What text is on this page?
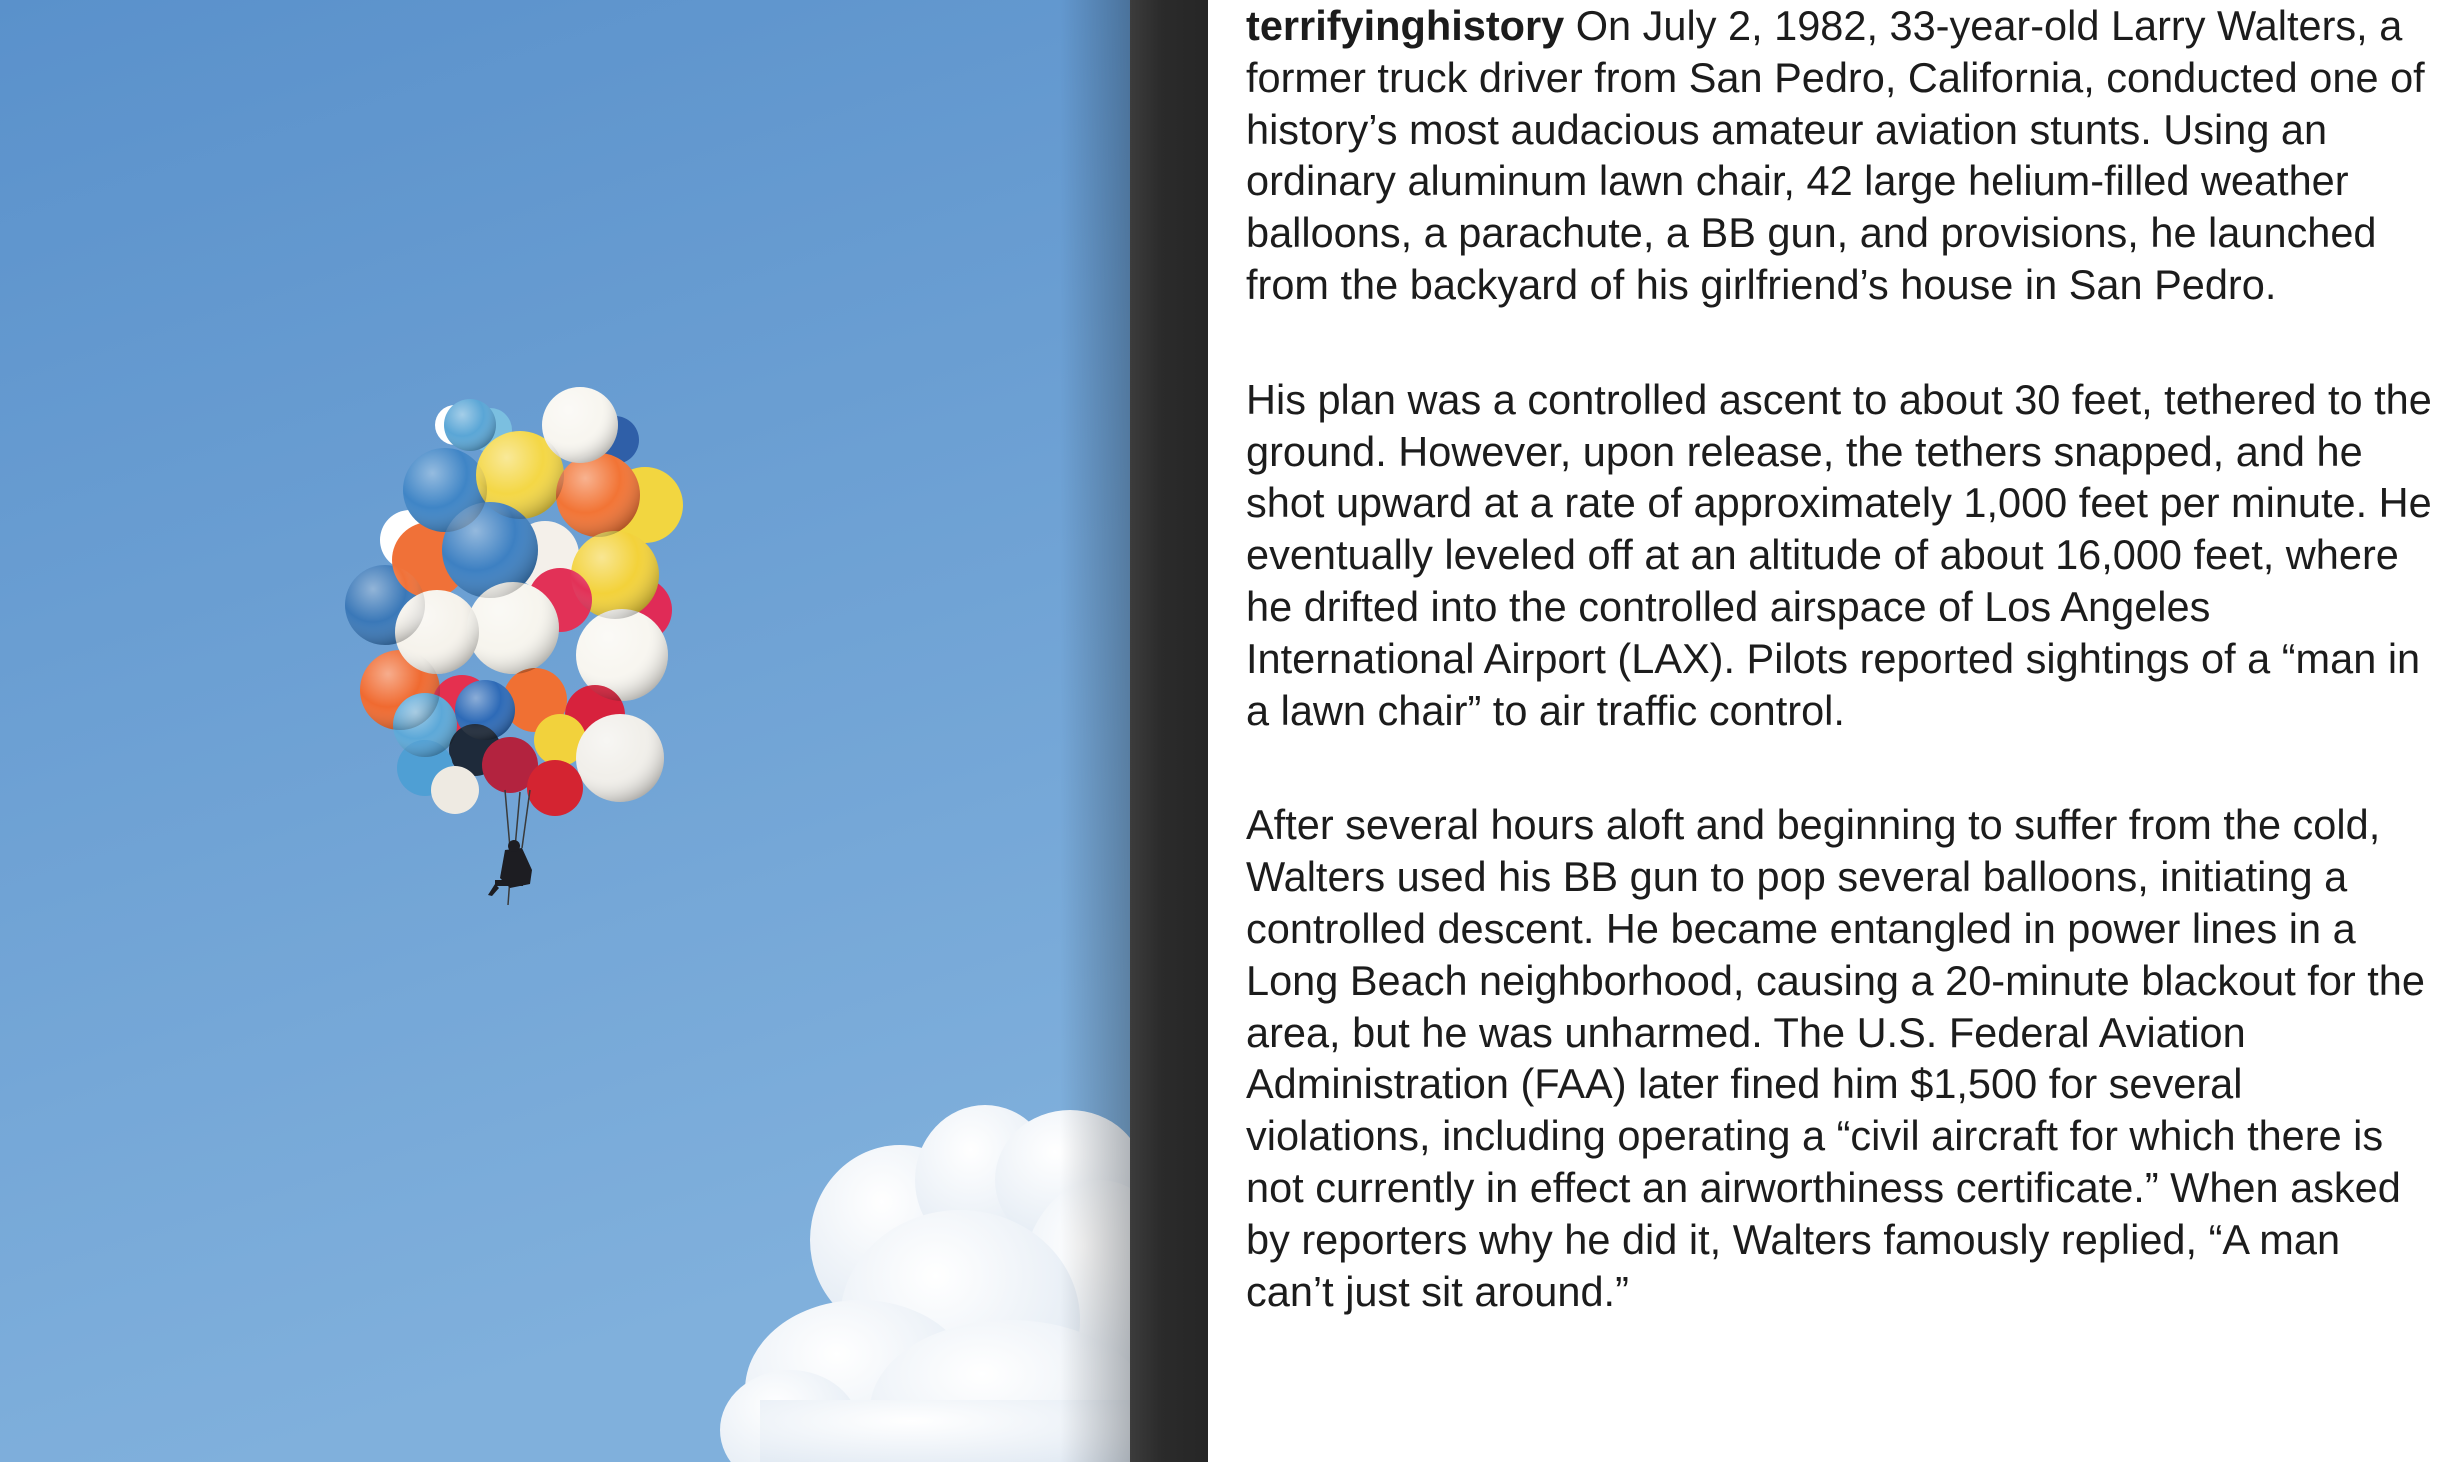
terrifyinghistory On July 2, 1982, 33-year-old Larry Walters, a former truck driver from San Pedro, California, conducted one of history’s most audacious amateur aviation stunts. Using an ordinary aluminum lawn chair, 42 large helium-filled weather balloons, a parachute, a BB gun, and provisions, he launched from the backyard of his girlfriend’s house in San Pedro.

His plan was a controlled ascent to about 30 feet, tethered to the ground. However, upon release, the tethers snapped, and he shot upward at a rate of approximately 1,000 feet per minute. He eventually leveled off at an altitude of about 16,000 feet, where he drifted into the controlled airspace of Los Angeles International Airport (LAX). Pilots reported sightings of a “man in a lawn chair” to air traffic control.

After several hours aloft and beginning to suffer from the cold, Walters used his BB gun to pop several balloons, initiating a controlled descent. He became entangled in power lines in a Long Beach neighborhood, causing a 20-minute blackout for the area, but he was unharmed. The U.S. Federal Aviation Administration (FAA) later fined him $1,500 for several violations, including operating a “civil aircraft for which there is not currently in effect an airworthiness certificate.” When asked by reporters why he did it, Walters famously replied, “A man can’t just sit around.”
